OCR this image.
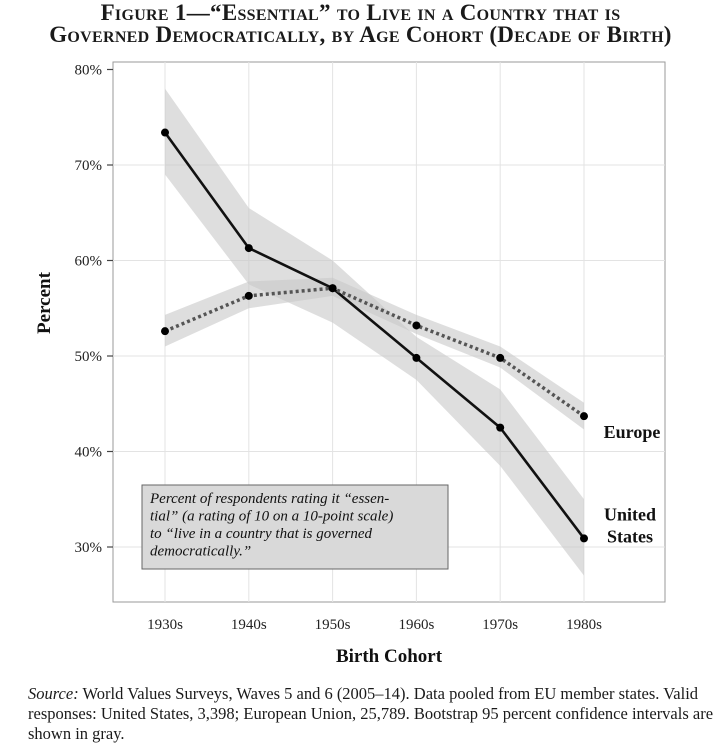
Figure 1—“Essential” to Live in a Country that is
Governed Democratically, by Age Cohort (Decade of Birth)
30%
40%
50%
60%
70%
80%
1930s	1940s	1950s	1960s	1970s	1980s
Birth Cohort
Percent
United States
Europe
Percent of respondents rating it “essen-tial” (a rating of 10 on a 10-point scale) to “live in a country that is governed democratically.”
Source: World Values Surveys, Waves 5 and 6 (2005–14). Data pooled from EU member states. Valid responses: United States, 3,398; European Union, 25,789. Bootstrap 95 percent confidence intervals are shown in gray.
